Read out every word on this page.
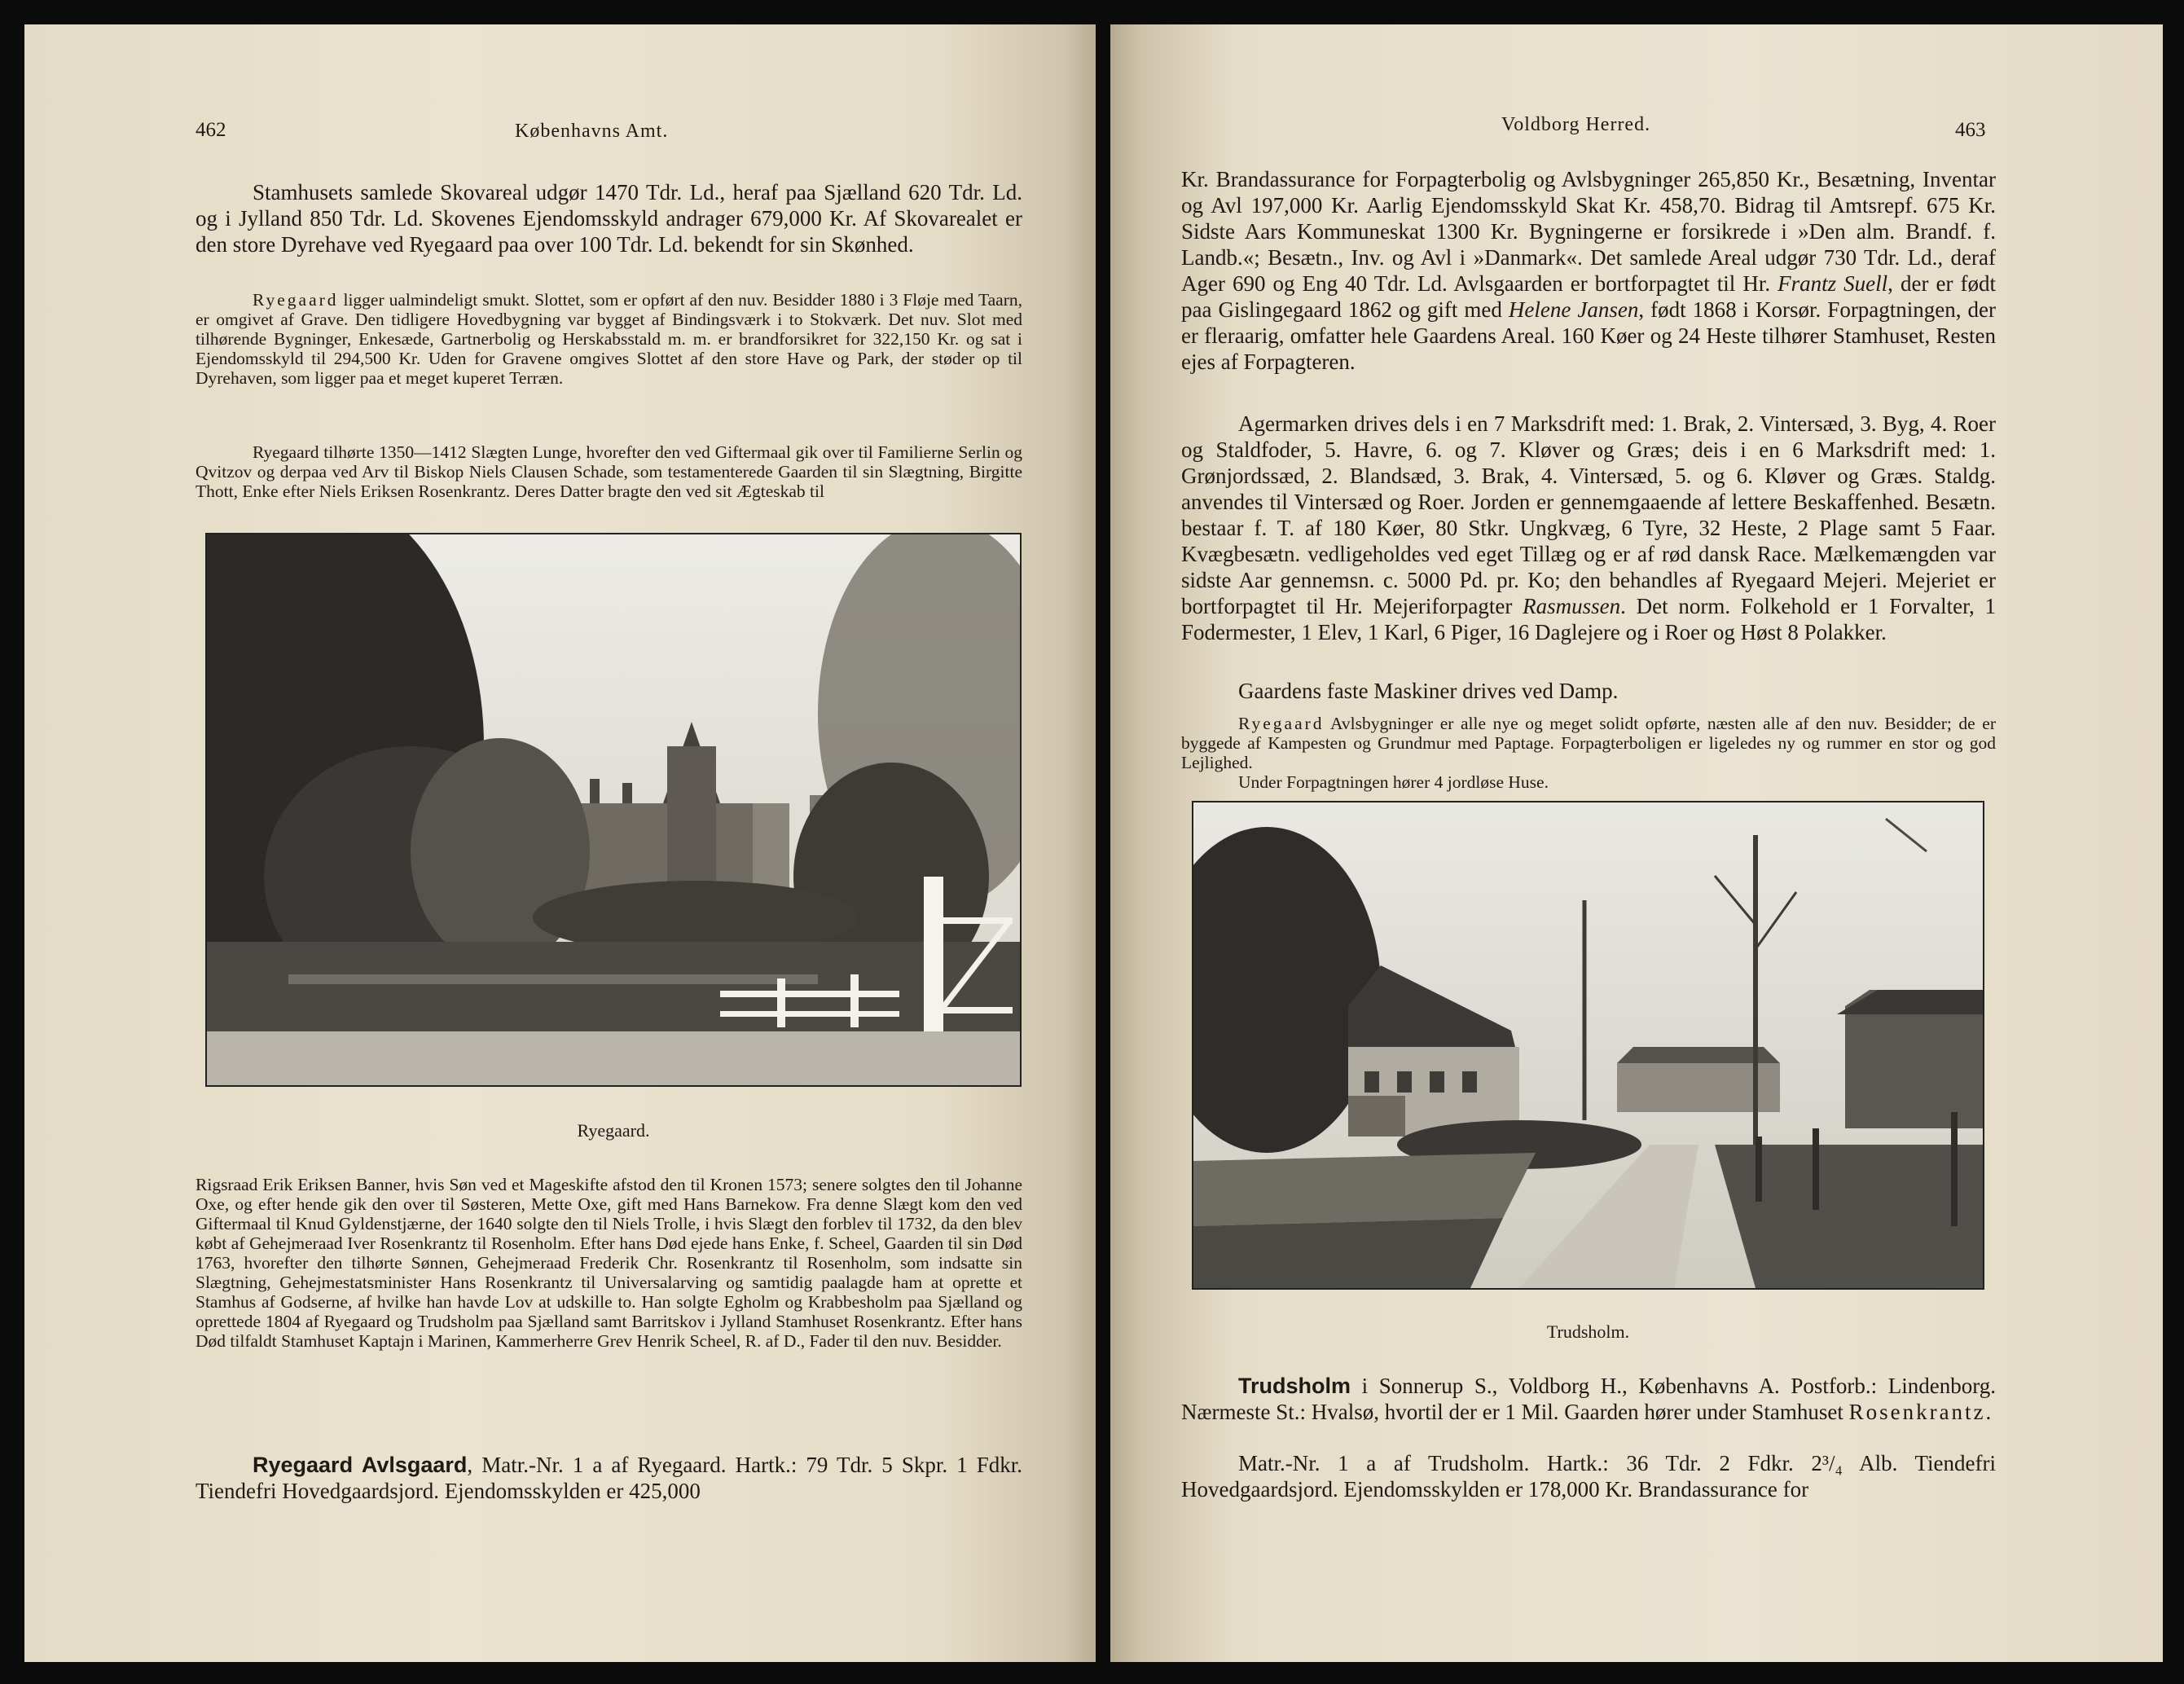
462	Københavns Amt.

Stamhusets samlede Skovareal udgør 1470 Tdr. Ld., heraf paa Sjælland 620 Tdr. Ld. og i Jylland 850 Tdr. Ld. Skovenes Ejendomsskyld andrager 679,000 Kr. Af Skovarealet er den store Dyrehave ved Ryegaard paa over 100 Tdr. Ld. bekendt for sin Skønhed.

Ryegaard ligger ualmindeligt smukt. Slottet, som er opført af den nuv. Besidder 1880 i 3 Fløje med Taarn, er omgivet af Grave. Den tidligere Hovedbygning var bygget af Bindingsværk i to Stokværk. Det nuv. Slot med tilhørende Bygninger, Enkesæde, Gartnerbolig og Herskabsstald m. m. er brandforsikret for 322,150 Kr. og sat i Ejendomsskyld til 294,500 Kr. Uden for Gravene omgives Slottet af den store Have og Park, der støder op til Dyrehaven, som ligger paa et meget kuperet Terræn.

Ryegaard tilhørte 1350—1412 Slægten Lunge, hvorefter den ved Giftermaal gik over til Familierne Serlin og Qvitzov og derpaa ved Arv til Biskop Niels Clausen Schade, som testamenterede Gaarden til sin Slægtning, Birgitte Thott, Enke efter Niels Eriksen Rosenkrantz. Deres Datter bragte den ved sit Ægteskab til

Ryegaard.

Rigsraad Erik Eriksen Banner, hvis Søn ved et Mageskifte afstod den til Kronen 1573; senere solgtes den til Johanne Oxe, og efter hende gik den over til Søsteren, Mette Oxe, gift med Hans Barnekow. Fra denne Slægt kom den ved Giftermaal til Knud Gyldenstjærne, der 1640 solgte den til Niels Trolle, i hvis Slægt den forblev til 1732, da den blev købt af Gehejmeraad Iver Rosenkrantz til Rosenholm. Efter hans Død ejede hans Enke, f. Scheel, Gaarden til sin Død 1763, hvorefter den tilhørte Sønnen, Gehejmeraad Frederik Chr. Rosenkrantz til Rosenholm, som indsatte sin Slægtning, Gehejmestatsminister Hans Rosenkrantz til Universalarving og samtidig paalagde ham at oprette et Stamhus af Godserne, af hvilke han havde Lov at udskille to. Han solgte Egholm og Krabbesholm paa Sjælland og oprettede 1804 af Ryegaard og Trudsholm paa Sjælland samt Barritskov i Jylland Stamhuset Rosenkrantz. Efter hans Død tilfaldt Stamhuset Kaptajn i Marinen, Kammerherre Grev Henrik Scheel, R. af D., Fader til den nuv. Besidder.

Ryegaard Avlsgaard, Matr.-Nr. 1 a af Ryegaard. Hartk.: 79 Tdr. 5 Skpr. 1 Fdkr. Tiendefri Hovedgaardsjord. Ejendomsskylden er 425,000

Voldborg Herred.	463

Kr. Brandassurance for Forpagterbolig og Avlsbygninger 265,850 Kr., Besætning, Inventar og Avl 197,000 Kr. Aarlig Ejendomsskyld Skat Kr. 458,70. Bidrag til Amtsrepf. 675 Kr. Sidste Aars Kommuneskat 1300 Kr. Bygningerne er forsikrede i »Den alm. Brandf. f. Landb.«; Besætn., Inv. og Avl i »Danmark«. Det samlede Areal udgør 730 Tdr. Ld., deraf Ager 690 og Eng 40 Tdr. Ld. Avlsgaarden er bortforpagtet til Hr. Frantz Suell, der er født paa Gislingegaard 1862 og gift med Helene Jansen, født 1868 i Korsør. Forpagtningen, der er fleraarig, omfatter hele Gaardens Areal. 160 Køer og 24 Heste tilhører Stamhuset, Resten ejes af Forpagteren.

Agermarken drives dels i en 7 Marksdrift med: 1. Brak, 2. Vintersæd, 3. Byg, 4. Roer og Staldfoder, 5. Havre, 6. og 7. Kløver og Græs; deis i en 6 Marksdrift med: 1. Grønjordssæd, 2. Blandsæd, 3. Brak, 4. Vintersæd, 5. og 6. Kløver og Græs. Staldg. anvendes til Vintersæd og Roer. Jorden er gennemgaaende af lettere Beskaffenhed. Besætn. bestaar f. T. af 180 Køer, 80 Stkr. Ungkvæg, 6 Tyre, 32 Heste, 2 Plage samt 5 Faar. Kvægbesætn. vedligeholdes ved eget Tillæg og er af rød dansk Race. Mælkemængden var sidste Aar gennemsn. c. 5000 Pd. pr. Ko; den behandles af Ryegaard Mejeri. Mejeriet er bortforpagtet til Hr. Mejeriforpagter Rasmussen. Det norm. Folkehold er 1 Forvalter, 1 Fodermester, 1 Elev, 1 Karl, 6 Piger, 16 Daglejere og i Roer og Høst 8 Polakker.

Gaardens faste Maskiner drives ved Damp.

Ryegaard Avlsbygninger er alle nye og meget solidt opførte, næsten alle af den nuv. Besidder; de er byggede af Kampesten og Grundmur med Paptage. Forpagterboligen er ligeledes ny og rummer en stor og god Lejlighed.

Under Forpagtningen hører 4 jordløse Huse.

Trudsholm.

Trudsholm i Sonnerup S., Voldborg H., Københavns A. Postforb.: Lindenborg. Nærmeste St.: Hvalsø, hvortil der er 1 Mil. Gaarden hører under Stamhuset Rosenkrantz.

Matr.-Nr. 1 a af Trudsholm. Hartk.: 36 Tdr. 2 Fdkr. 2³/₄ Alb. Tiendefri Hovedgaardsjord. Ejendomsskylden er 178,000 Kr. Brandassurance for
